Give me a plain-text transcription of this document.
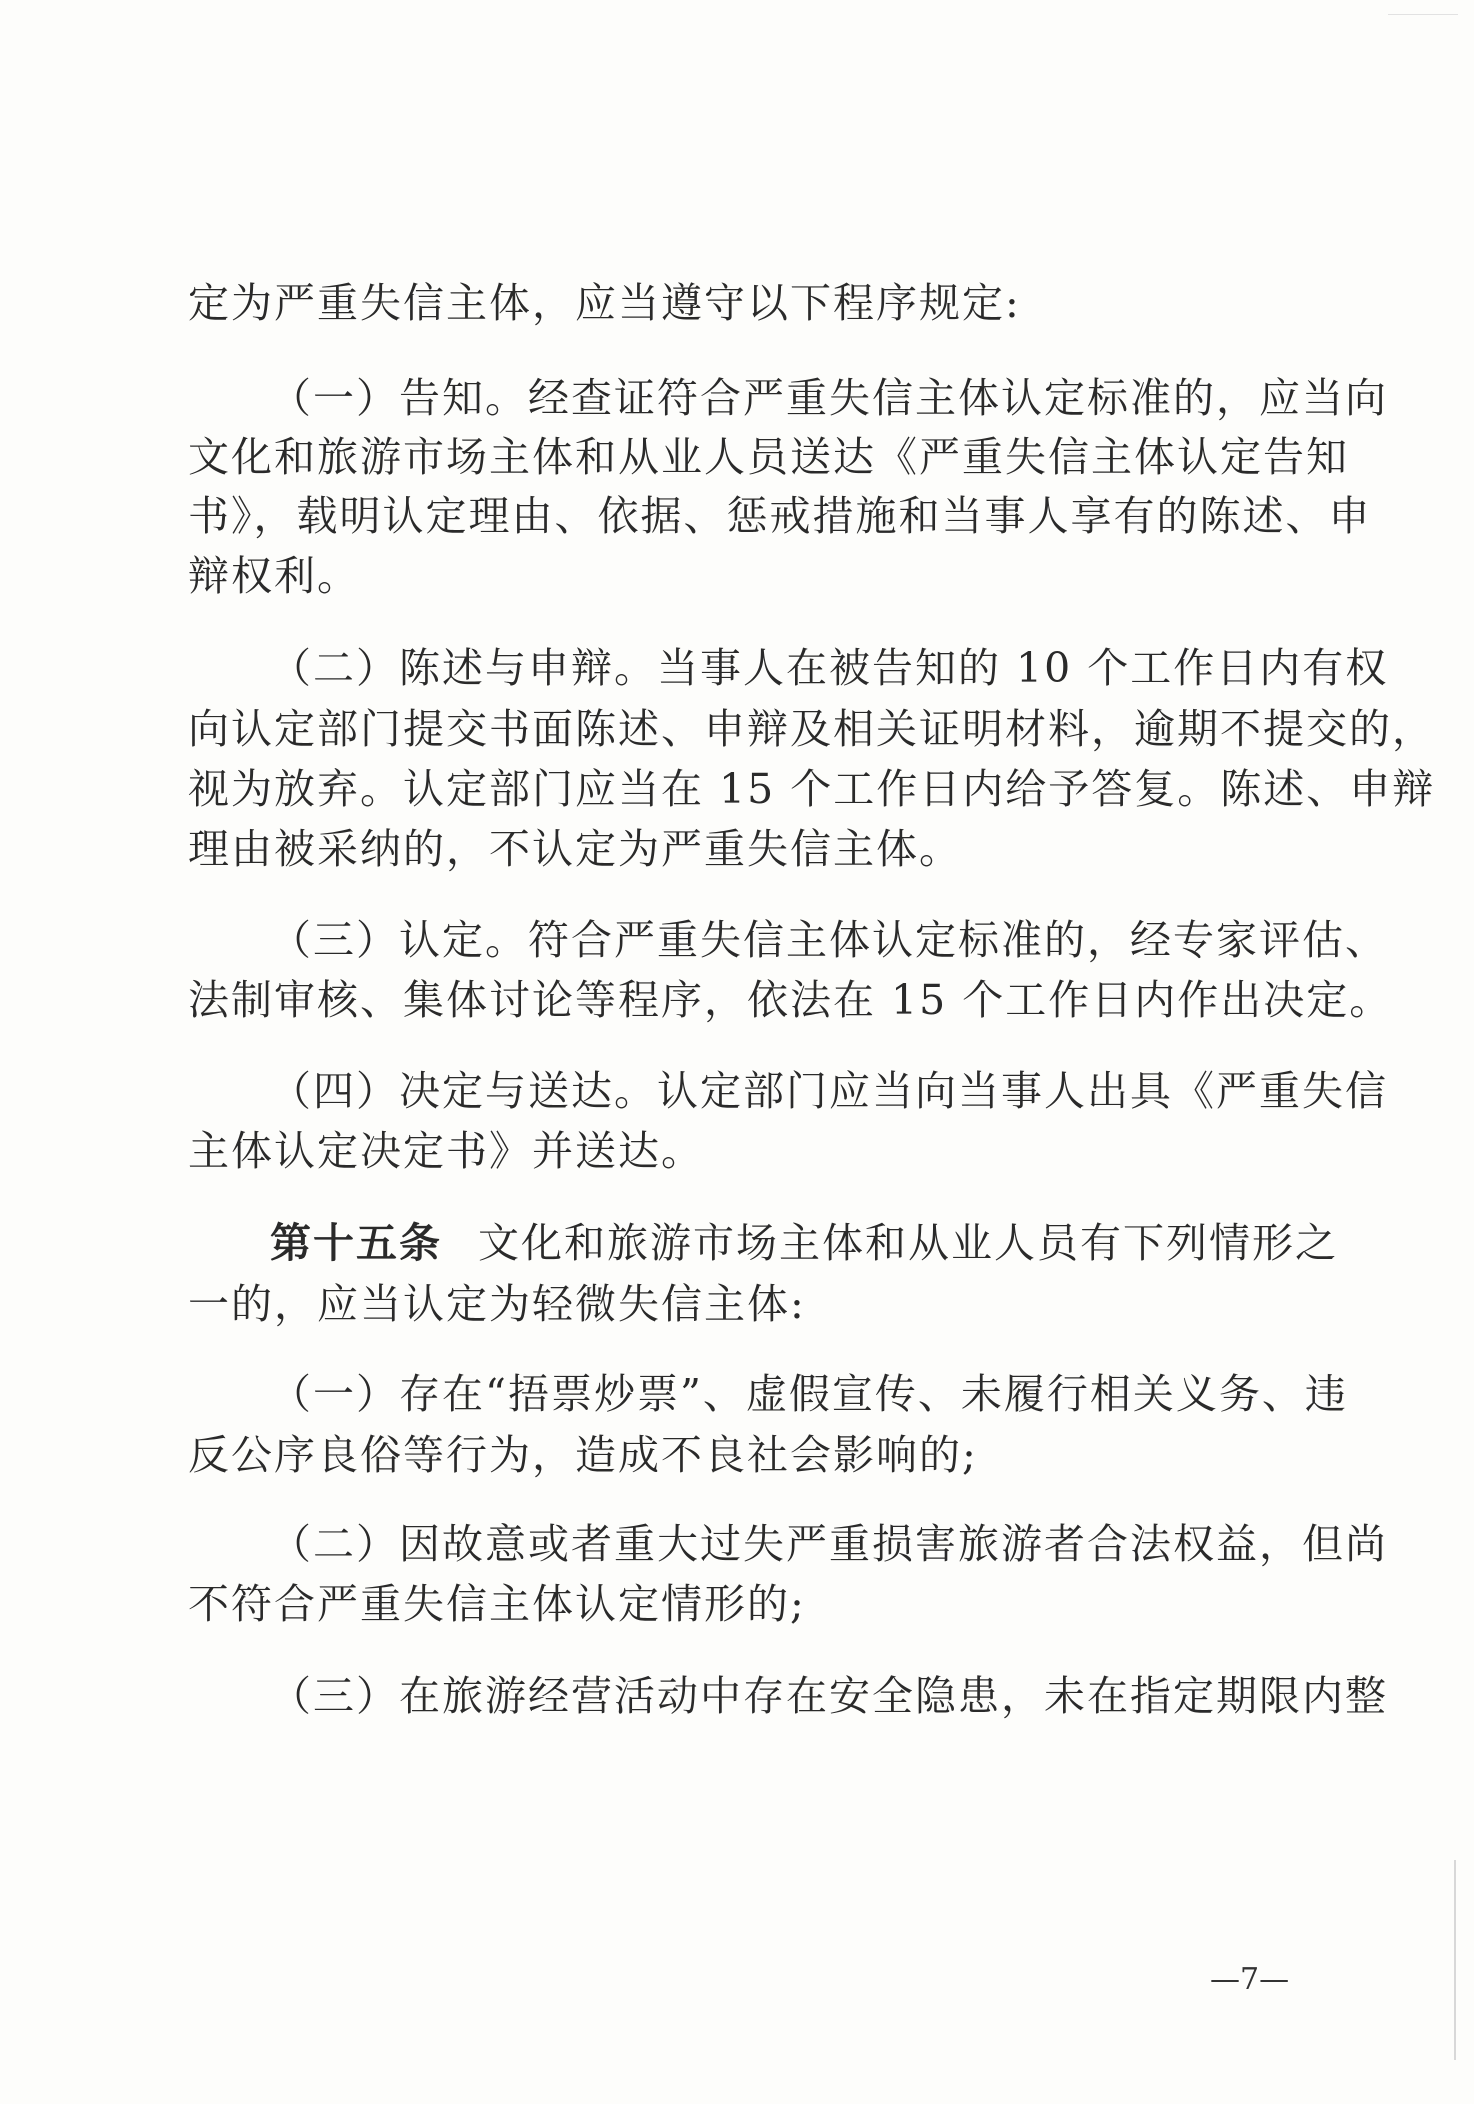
定为严重失信主体，应当遵守以下程序规定:
（一）告知。经查证符合严重失信主体认定标准的，应当向
文化和旅游市场主体和从业人员送达《严重失信主体认定告知
书》，载明认定理由、依据、惩戒措施和当事人享有的陈述、申
辩权利。
（二）陈述与申辩。当事人在被告知的 10 个工作日内有权
向认定部门提交书面陈述、申辩及相关证明材料，逾期不提交的，
视为放弃。认定部门应当在 15 个工作日内给予答复。陈述、申辩
理由被采纳的，不认定为严重失信主体。
（三）认定。符合严重失信主体认定标准的，经专家评估、
法制审核、集体讨论等程序，依法在 15 个工作日内作出决定。
（四）决定与送达。认定部门应当向当事人出具《严重失信
主体认定决定书》并送达。
第十五条 文化和旅游市场主体和从业人员有下列情形之
一的，应当认定为轻微失信主体:
（一）存在“捂票炒票”、虚假宣传、未履行相关义务、违
反公序良俗等行为，造成不良社会影响的;
（二）因故意或者重大过失严重损害旅游者合法权益，但尚
不符合严重失信主体认定情形的;
（三）在旅游经营活动中存在安全隐患，未在指定期限内整
—7—
